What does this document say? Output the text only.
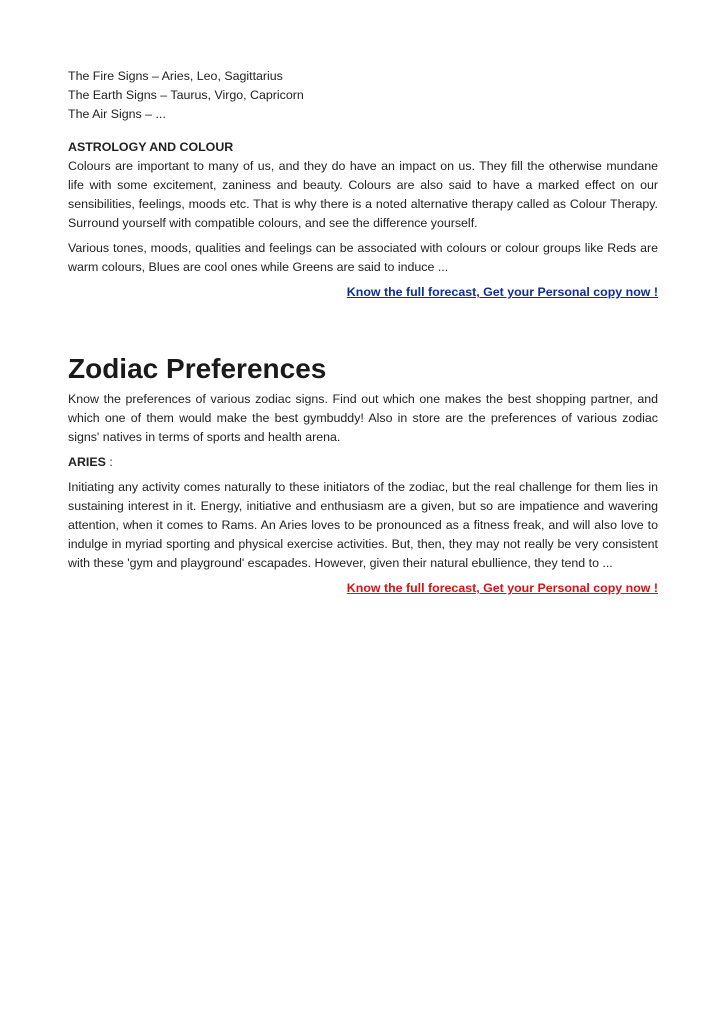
The Fire Signs – Aries, Leo, Sagittarius

The Earth Signs – Taurus, Virgo, Capricorn

The Air Signs – ...

ASTROLOGY AND COLOUR

Colours are important to many of us, and they do have an impact on us. They fill the otherwise mundane life with some excitement, zaniness and beauty. Colours are also said to have a marked effect on our sensibilities, feelings, moods etc. That is why there is a noted alternative therapy called as Colour Therapy. Surround yourself with compatible colours, and see the difference yourself.

Various tones, moods, qualities and feelings can be associated with colours or colour groups like Reds are warm colours, Blues are cool ones while Greens are said to induce ...

Know the full forecast, Get your Personal copy now !

Zodiac Preferences

Know the preferences of various zodiac signs. Find out which one makes the best shopping partner, and which one of them would make the best gymbuddy! Also in store are the preferences of various zodiac signs' natives in terms of sports and health arena.

ARIES :

Initiating any activity comes naturally to these initiators of the zodiac, but the real challenge for them lies in sustaining interest in it. Energy, initiative and enthusiasm are a given, but so are impatience and wavering attention, when it comes to Rams. An Aries loves to be pronounced as a fitness freak, and will also love to indulge in myriad sporting and physical exercise activities. But, then, they may not really be very consistent with these 'gym and playground' escapades. However, given their natural ebullience, they tend to ...

Know the full forecast, Get your Personal copy now !
